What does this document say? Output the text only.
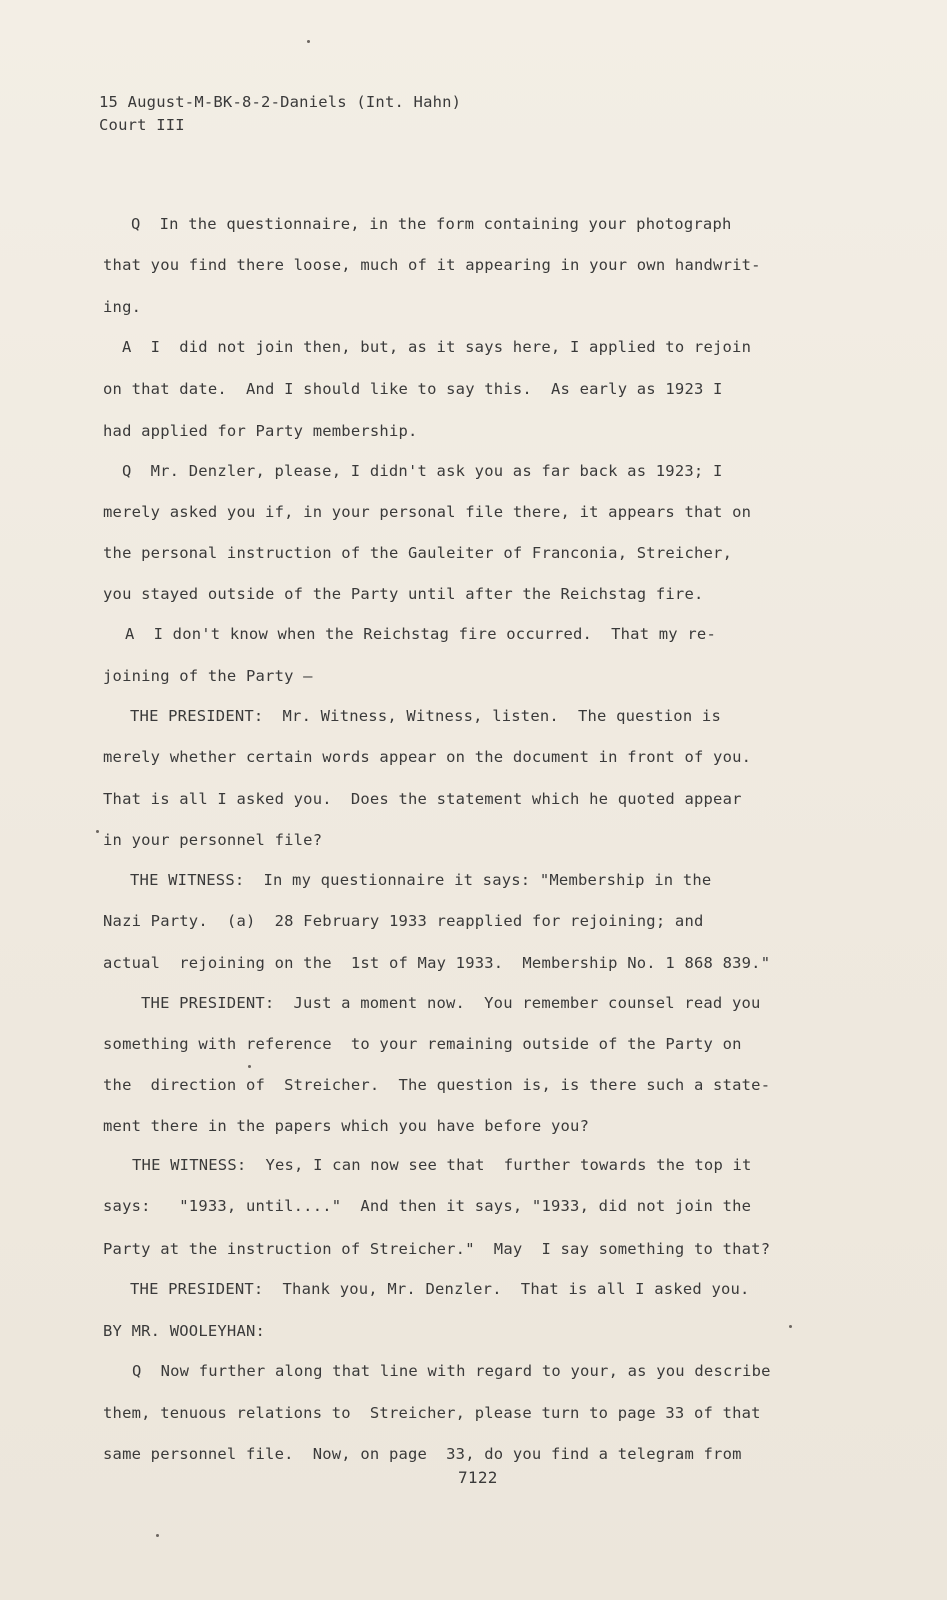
15 August-M-BK-8-2-Daniels (Int. Hahn)
Court III
Q  In the questionnaire, in the form containing your photograph
that you find there loose, much of it appearing in your own handwrit-
ing.
A  I  did not join then, but, as it says here, I applied to rejoin
on that date.  And I should like to say this.  As early as 1923 I
had applied for Party membership.
Q  Mr. Denzler, please, I didn't ask you as far back as 1923; I
merely asked you if, in your personal file there, it appears that on
the personal instruction of the Gauleiter of Franconia, Streicher,
you stayed outside of the Party until after the Reichstag fire.
A  I don't know when the Reichstag fire occurred.  That my re-
joining of the Party —
THE PRESIDENT:  Mr. Witness, Witness, listen.  The question is
merely whether certain words appear on the document in front of you.
That is all I asked you.  Does the statement which he quoted appear
in your personnel file?
THE WITNESS:  In my questionnaire it says: "Membership in the
Nazi Party.  (a)  28 February 1933 reapplied for rejoining; and
actual  rejoining on the  1st of May 1933.  Membership No. 1 868 839."
THE PRESIDENT:  Just a moment now.  You remember counsel read you
something with reference  to your remaining outside of the Party on
the  direction of  Streicher.  The question is, is there such a state-
ment there in the papers which you have before you?
THE WITNESS:  Yes, I can now see that  further towards the top it
says:   "1933, until...."  And then it says, "1933, did not join the
Party at the instruction of Streicher."  May  I say something to that?
THE PRESIDENT:  Thank you, Mr. Denzler.  That is all I asked you.
BY MR. WOOLEYHAN:
Q  Now further along that line with regard to your, as you describe
them, tenuous relations to  Streicher, please turn to page 33 of that
same personnel file.  Now, on page  33, do you find a telegram from
7122
